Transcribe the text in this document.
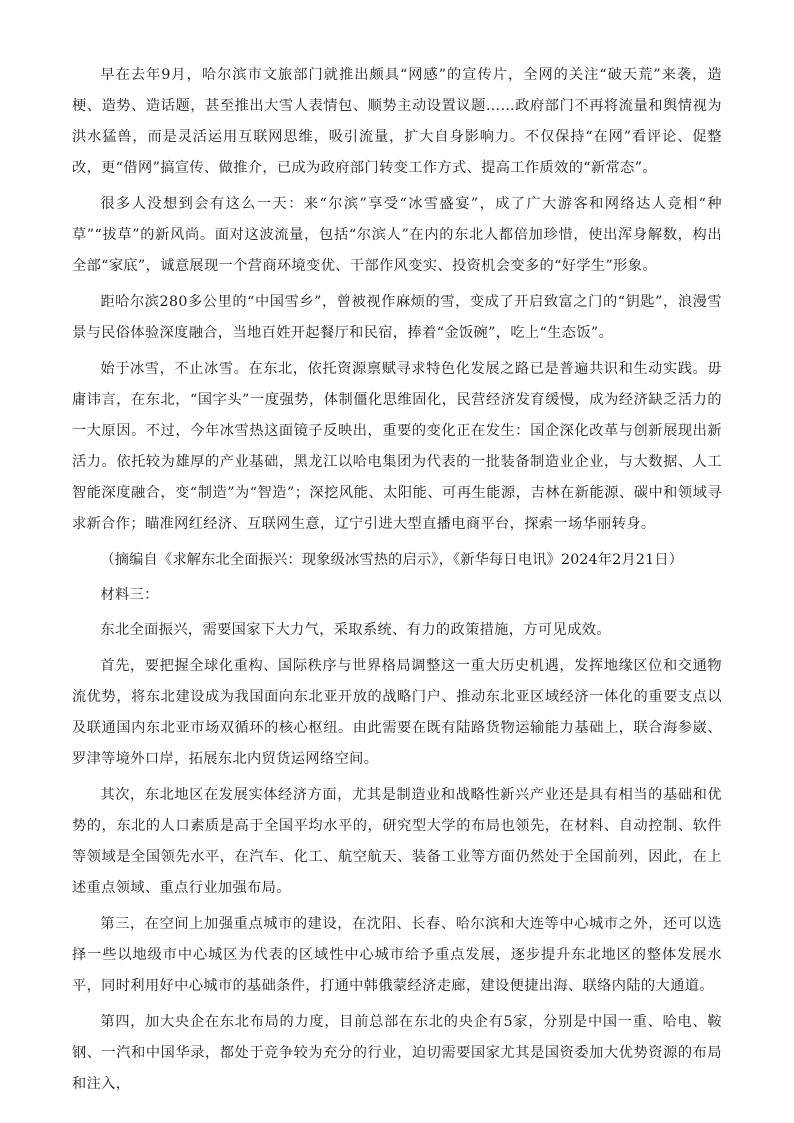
早在去年9月，哈尔滨市文旅部门就推出颇具“网感”的宣传片，全网的关注“破天荒”来袭，造梗、造势、造话题，甚至推出大雪人表情包、顺势主动设置议题……政府部门不再将流量和舆情视为洪水猛兽，而是灵活运用互联网思维，吸引流量，扩大自身影响力。不仅保持“在网”看评论、促整改，更“借网”搞宣传、做推介，已成为政府部门转变工作方式、提高工作质效的“新常态”。

很多人没想到会有这么一天：来“尔滨”享受“冰雪盛宴”，成了广大游客和网络达人竞相“种草”“拔草”的新风尚。面对这波流量，包括“尔滨人”在内的东北人都倍加珍惜，使出浑身解数，构出全部“家底”，诚意展现一个营商环境变优、干部作风变实、投资机会变多的“好学生”形象。

距哈尔滨280多公里的“中国雪乡”，曾被视作麻烦的雪，变成了开启致富之门的“钥匙”，浪漫雪景与民俗体验深度融合，当地百姓开起餐厅和民宿，捧着“金饭碗”，吃上“生态饭”。

始于冰雪，不止冰雪。在东北，依托资源禀赋寻求特色化发展之路已是普遍共识和生动实践。毋庸讳言，在东北，“国字头”一度强势，体制僵化思维固化，民营经济发育缓慢，成为经济缺乏活力的一大原因。不过，今年冰雪热这面镜子反映出，重要的变化正在发生：国企深化改革与创新展现出新活力。依托较为雄厚的产业基础，黑龙江以哈电集团为代表的一批装备制造业企业，与大数据、人工智能深度融合，变“制造”为“智造”；深挖风能、太阳能、可再生能源，吉林在新能源、碳中和领域寻求新合作；瞄准网红经济、互联网生意，辽宁引进大型直播电商平台，探索一场华丽转身。

（摘编自《求解东北全面振兴：现象级冰雪热的启示》，《新华每日电讯》2024年2月21日）

材料三：

东北全面振兴，需要国家下大力气，采取系统、有力的政策措施，方可见成效。

首先，要把握全球化重构、国际秩序与世界格局调整这一重大历史机遇，发挥地缘区位和交通物流优势，将东北建设成为我国面向东北亚开放的战略门户、推动东北亚区域经济一体化的重要支点以及联通国内东北亚市场双循环的核心枢纽。由此需要在既有陆路货物运输能力基础上，联合海参崴、罗津等境外口岸，拓展东北内贸货运网络空间。

其次，东北地区在发展实体经济方面，尤其是制造业和战略性新兴产业还是具有相当的基础和优势的，东北的人口素质是高于全国平均水平的，研究型大学的布局也领先，在材料、自动控制、软件等领域是全国领先水平，在汽车、化工、航空航天、装备工业等方面仍然处于全国前列，因此，在上述重点领域、重点行业加强布局。

第三，在空间上加强重点城市的建设，在沈阳、长春、哈尔滨和大连等中心城市之外，还可以选择一些以地级市中心城区为代表的区域性中心城市给予重点发展，逐步提升东北地区的整体发展水平，同时利用好中心城市的基础条件，打通中韩俄蒙经济走廊，建设便捷出海、联络内陆的大通道。

第四，加大央企在东北布局的力度，目前总部在东北的央企有5家，分别是中国一重、哈电、鞍钢、一汽和中国华录，都处于竞争较为充分的行业，迫切需要国家尤其是国资委加大优势资源的布局和注入，
